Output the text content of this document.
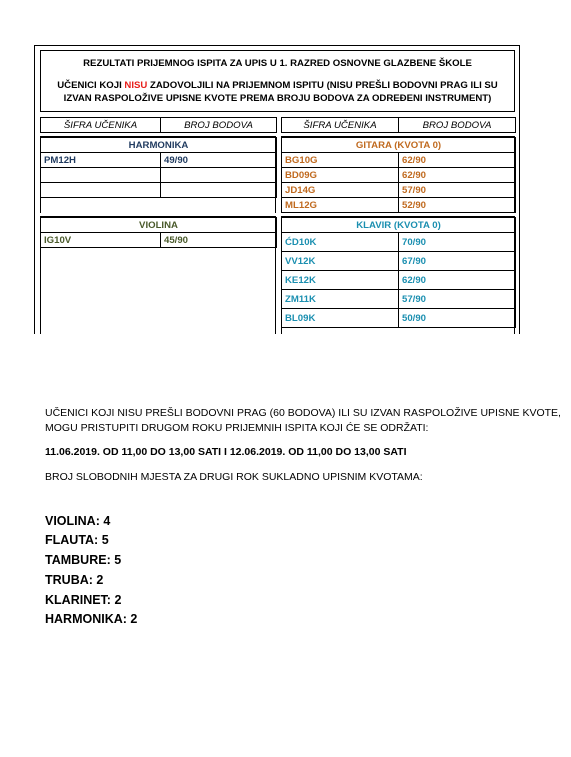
REZULTATI PRIJEMNOG ISPITA ZA UPIS U 1. RAZRED OSNOVNE GLAZBENE ŠKOLE
UČENICI KOJI NISU ZADOVOLJILI NA PRIJEMNOM ISPITU (NISU PREŠLI BODOVNI PRAG ILI SU
IZVAN RASPOLOŽIVE UPISNE KVOTE PREMA BROJU BODOVA ZA ODREĐENI INSTRUMENT)
ŠIFRA UČENIKA	BROJ BODOVA	ŠIFRA UČENIKA	BROJ BODOVA
HARMONIKA	
PM12H	49/90

GITARA (KVOTA 0)	
BG10G	62/90
BD09G	62/90
JD14G	57/90
ML12G	52/90
VIOLINA
IG10V	45/90
KLAVIR (KVOTA 0)	
ĆD10K	70/90
VV12K	67/90
KE12K	62/90
ZM11K	57/90
BL09K	50/90
UČENICI KOJI NISU PREŠLI BODOVNI PRAG (60 BODOVA) ILI SU IZVAN RASPOLOŽIVE UPISNE KVOTE,
MOGU PRISTUPITI DRUGOM ROKU PRIJEMNIH ISPITA KOJI ĆE SE ODRŽATI:
11.06.2019. OD 11,00 DO 13,00 SATI I 12.06.2019. OD 11,00 DO 13,00 SATI
BROJ SLOBODNIH MJESTA ZA DRUGI ROK SUKLADNO UPISNIM KVOTAMA:
VIOLINA: 4
FLAUTA: 5
TAMBURE: 5
TRUBA: 2
KLARINET: 2
HARMONIKA: 2
